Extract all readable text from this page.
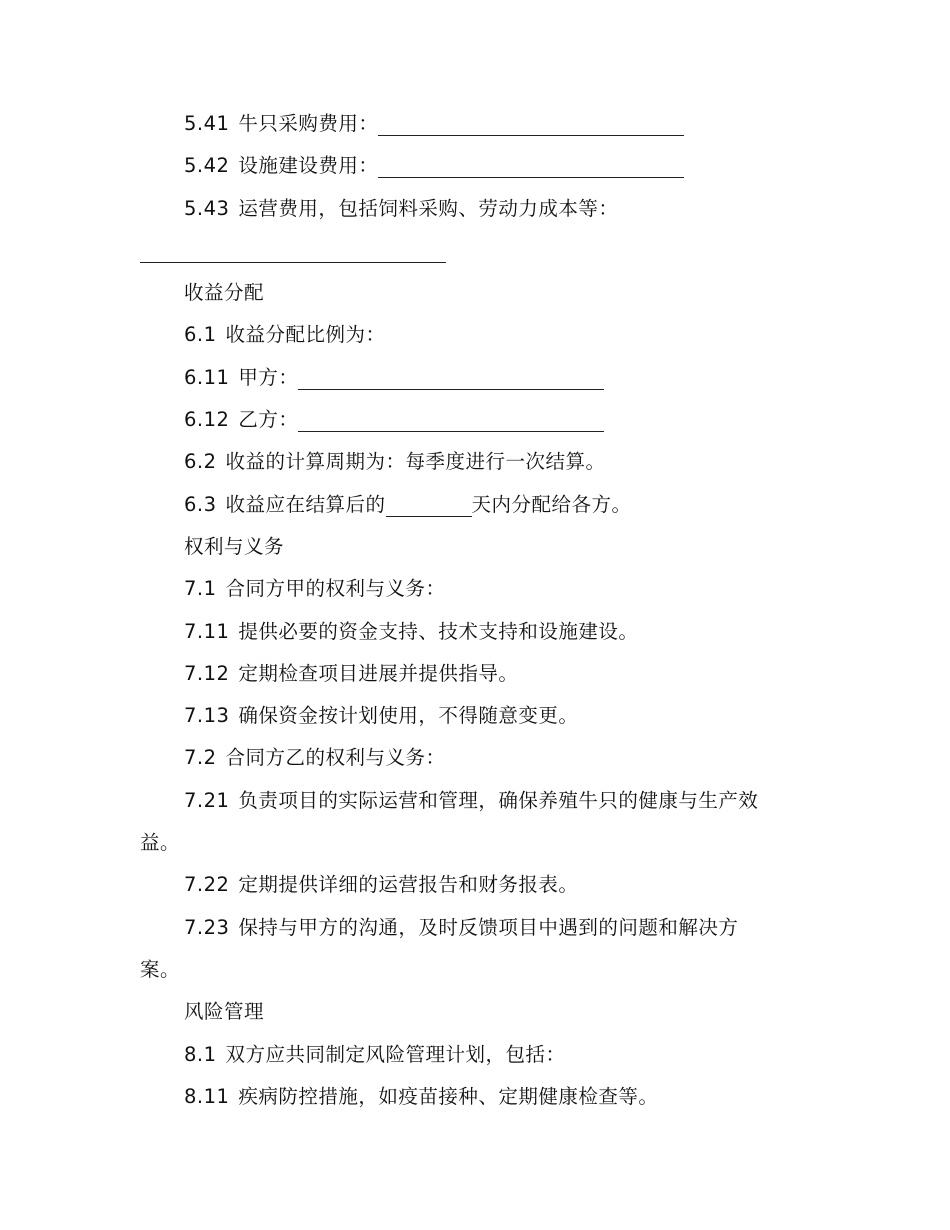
5.41 牛只采购费用：
5.42 设施建设费用：
5.43 运营费用，包括饲料采购、劳动力成本等：
收益分配
6.1 收益分配比例为：
6.11 甲方：
6.12 乙方：
6.2 收益的计算周期为：每季度进行一次结算。
6.3 收益应在结算后的	天内分配给各方。
权利与义务
7.1 合同方甲的权利与义务：
7.11 提供必要的资金支持、技术支持和设施建设。
7.12 定期检查项目进展并提供指导。
7.13 确保资金按计划使用，不得随意变更。
7.2 合同方乙的权利与义务：
7.21 负责项目的实际运营和管理，确保养殖牛只的健康与生产效
益。
7.22 定期提供详细的运营报告和财务报表。
7.23 保持与甲方的沟通，及时反馈项目中遇到的问题和解决方
案。
风险管理
8.1 双方应共同制定风险管理计划，包括：
8.11 疾病防控措施，如疫苗接种、定期健康检查等。
